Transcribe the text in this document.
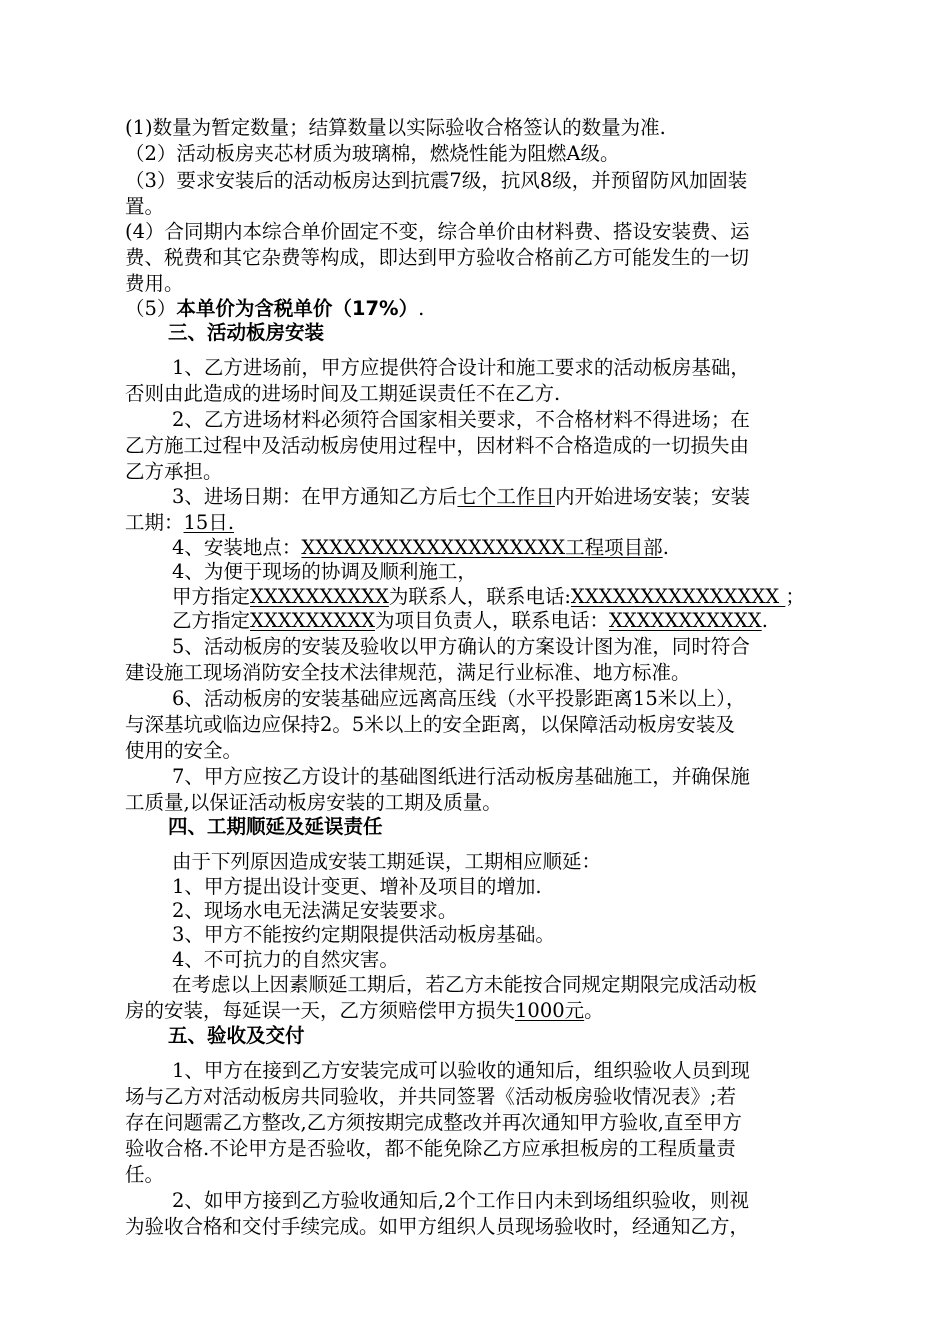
(1)数量为暂定数量；结算数量以实际验收合格签认的数量为准.
（2）活动板房夹芯材质为玻璃棉，燃烧性能为阻燃A级。
（3）要求安装后的活动板房达到抗震7级，抗风8级，并预留防风加固装
置。
(4）合同期内本综合单价固定不变，综合单价由材料费、搭设安装费、运
费、税费和其它杂费等构成，即达到甲方验收合格前乙方可能发生的一切
费用。
（5）本单价为含税单价（17%）.
三、活动板房安装
1、乙方进场前，甲方应提供符合设计和施工要求的活动板房基础，
否则由此造成的进场时间及工期延误责任不在乙方.
2、乙方进场材料必须符合国家相关要求，不合格材料不得进场；在
乙方施工过程中及活动板房使用过程中，因材料不合格造成的一切损失由
乙方承担。
3、进场日期：在甲方通知乙方后七个工作日内开始进场安装；安装
工期：15日.
4、安装地点：XXXXXXXXXXXXXXXXXXX工程项目部.
4、为便于现场的协调及顺利施工，
甲方指定XXXXXXXXXX为联系人，联系电话:XXXXXXXXXXXXXXX ；
乙方指定XXXXXXXXX为项目负责人，联系电话：XXXXXXXXXXX.
5、活动板房的安装及验收以甲方确认的方案设计图为准，同时符合
建设施工现场消防安全技术法律规范，满足行业标准、地方标准。
6、活动板房的安装基础应远离高压线（水平投影距离15米以上），
与深基坑或临边应保持2。5米以上的安全距离，以保障活动板房安装及
使用的安全。
7、甲方应按乙方设计的基础图纸进行活动板房基础施工，并确保施
工质量,以保证活动板房安装的工期及质量。
四、工期顺延及延误责任
由于下列原因造成安装工期延误，工期相应顺延：
1、甲方提出设计变更、增补及项目的增加.
2、现场水电无法满足安装要求。
3、甲方不能按约定期限提供活动板房基础。
4、不可抗力的自然灾害。
在考虑以上因素顺延工期后，若乙方未能按合同规定期限完成活动板
房的安装，每延误一天，乙方须赔偿甲方损失1000元。
五、验收及交付
1、甲方在接到乙方安装完成可以验收的通知后，组织验收人员到现
场与乙方对活动板房共同验收，并共同签署《活动板房验收情况表》;若
存在问题需乙方整改,乙方须按期完成整改并再次通知甲方验收,直至甲方
验收合格.不论甲方是否验收，都不能免除乙方应承担板房的工程质量责
任。
2、如甲方接到乙方验收通知后,2个工作日内未到场组织验收，则视
为验收合格和交付手续完成。如甲方组织人员现场验收时，经通知乙方，
